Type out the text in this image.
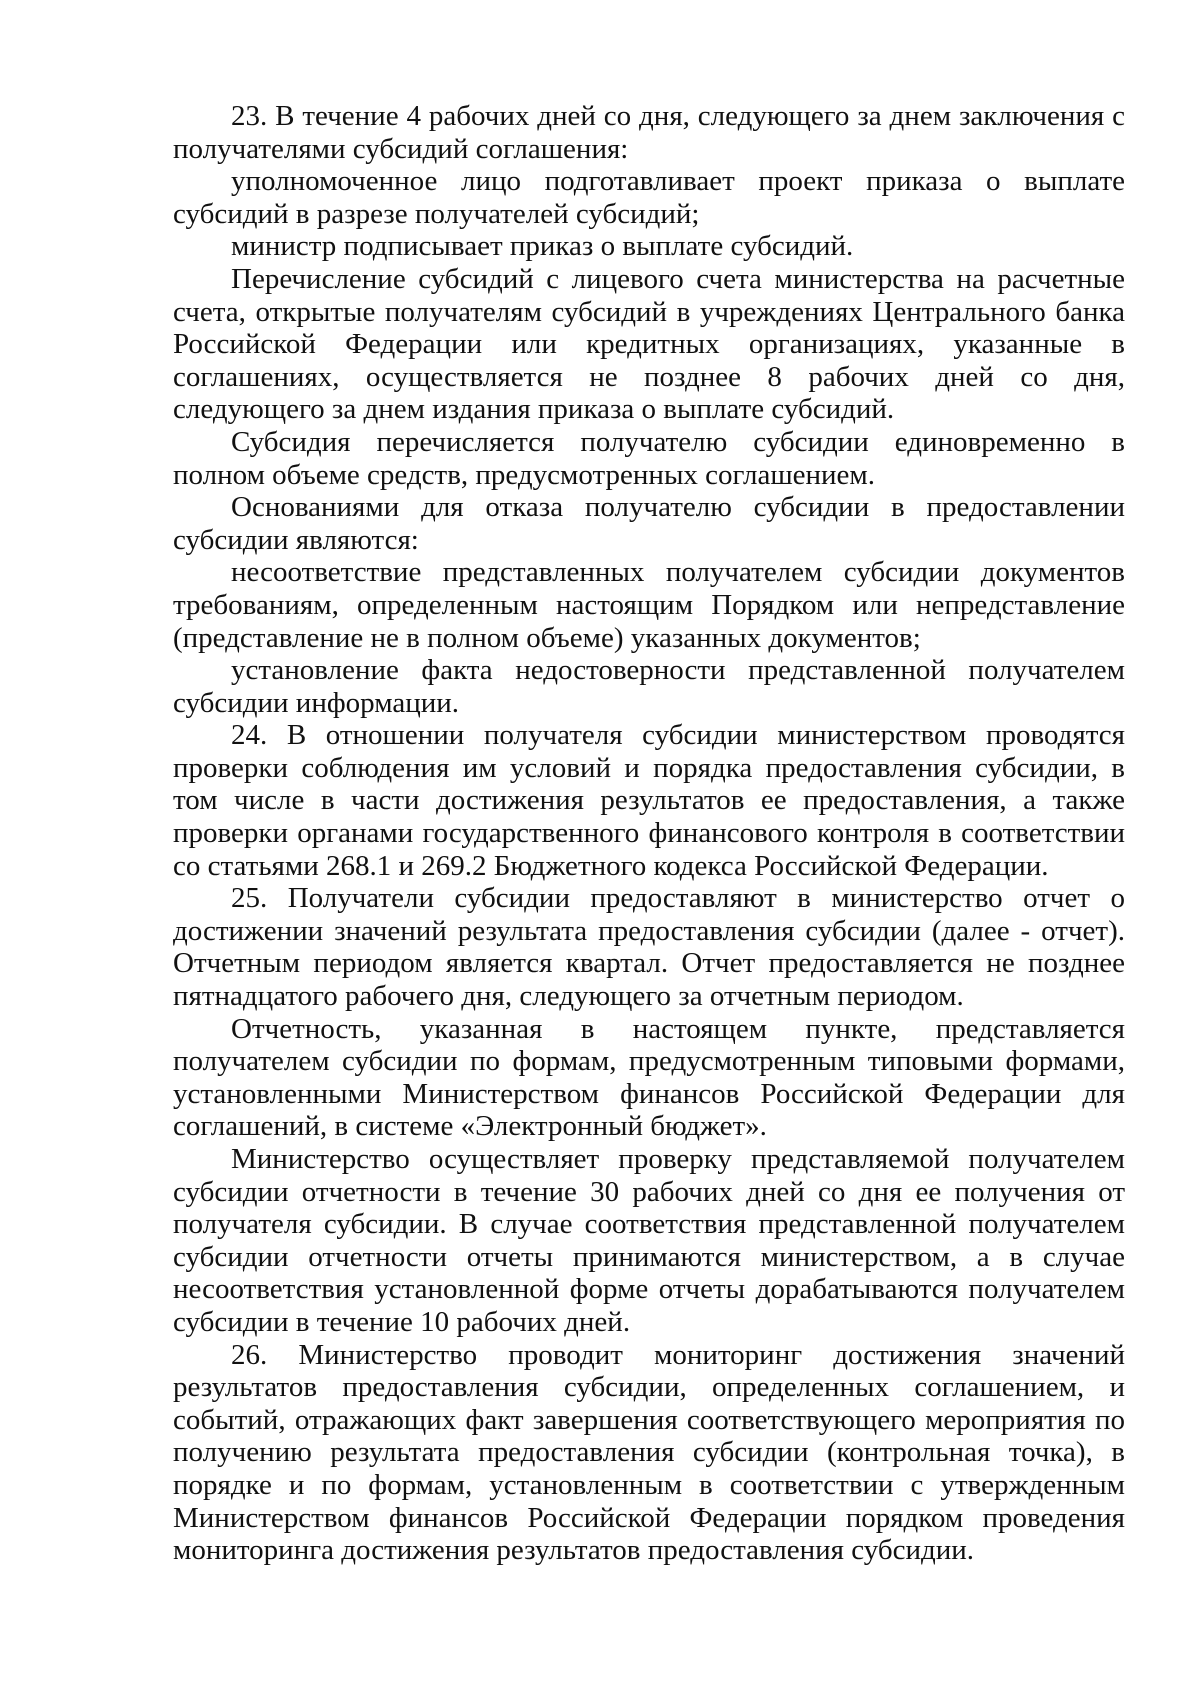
23. В течение 4 рабочих дней со дня, следующего за днем заключения с получателями субсидий соглашения:

уполномоченное лицо подготавливает проект приказа о выплате субсидий в разрезе получателей субсидий;

министр подписывает приказ о выплате субсидий.

Перечисление субсидий с лицевого счета министерства на расчетные счета, открытые получателям субсидий в учреждениях Центрального банка Российской Федерации или кредитных организациях, указанные в соглашениях, осуществляется не позднее 8 рабочих дней со дня, следующего за днем издания приказа о выплате субсидий.

Субсидия перечисляется получателю субсидии единовременно в полном объеме средств, предусмотренных соглашением.

Основаниями для отказа получателю субсидии в предоставлении субсидии являются:

несоответствие представленных получателем субсидии документов требованиям, определенным настоящим Порядком или непредставление (представление не в полном объеме) указанных документов;

установление факта недостоверности представленной получателем субсидии информации.

24. В отношении получателя субсидии министерством проводятся проверки соблюдения им условий и порядка предоставления субсидии, в том числе в части достижения результатов ее предоставления, а также проверки органами государственного финансового контроля в соответствии со статьями 268.1 и 269.2 Бюджетного кодекса Российской Федерации.

25. Получатели субсидии предоставляют в министерство отчет о достижении значений результата предоставления субсидии (далее - отчет). Отчетным периодом является квартал. Отчет предоставляется не позднее пятнадцатого рабочего дня, следующего за отчетным периодом.

Отчетность, указанная в настоящем пункте, представляется получателем субсидии по формам, предусмотренным типовыми формами, установленными Министерством финансов Российской Федерации для соглашений, в системе «Электронный бюджет».

Министерство осуществляет проверку представляемой получателем субсидии отчетности в течение 30 рабочих дней со дня ее получения от получателя субсидии. В случае соответствия представленной получателем субсидии отчетности отчеты принимаются министерством, а в случае несоответствия установленной форме отчеты дорабатываются получателем субсидии в течение 10 рабочих дней.

26. Министерство проводит мониторинг достижения значений результатов предоставления субсидии, определенных соглашением, и событий, отражающих факт завершения соответствующего мероприятия по получению результата предоставления субсидии (контрольная точка), в порядке и по формам, установленным в соответствии с утвержденным Министерством финансов Российской Федерации порядком проведения мониторинга достижения результатов предоставления субсидии.
